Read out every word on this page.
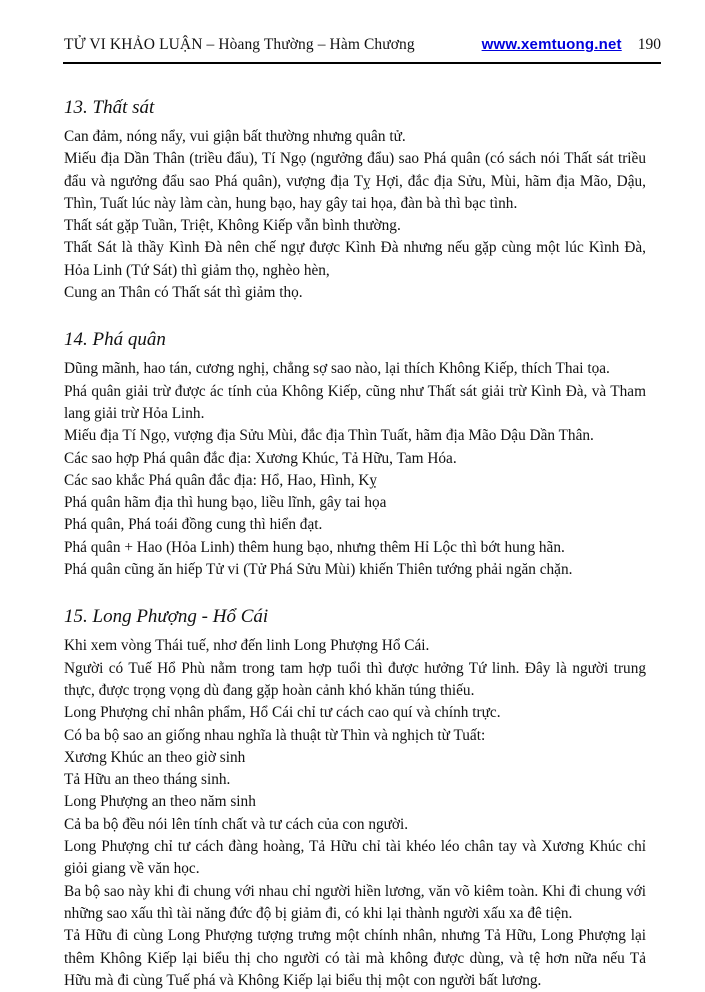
TỬ VI KHẢO LUẬN – Hòang Thường – Hàm Chương	www.xemtuong.net 190
13. Thất sát

Can đảm, nóng nẩy, vui giận bất thường nhưng quân tử.

Miếu địa Dần Thân (triều đẩu), Tí Ngọ (ngưởng đẩu) sao Phá quân (có sách nói Thất sát triều đẩu và ngưởng đẩu sao Phá quân), vượng địa Tỵ Hợi, đắc địa Sửu, Mùi, hãm địa Mão, Dậu, Thìn, Tuất lúc này làm càn, hung bạo, hay gây tai họa, đàn bà thì bạc tình.

Thất sát gặp Tuần, Triệt, Không Kiếp vẫn bình thường.

Thất Sát là thầy Kình Đà nên chế ngự được Kình Đà nhưng nếu gặp cùng một lúc Kình Đà, Hỏa Linh (Tứ Sát) thì giảm thọ, nghèo hèn,

Cung an Thân có Thất sát thì giảm thọ.

14. Phá quân

Dũng mãnh, hao tán, cương nghị, chẳng sợ sao nào, lại thích Không Kiếp, thích Thai tọa.

Phá quân giải trừ được ác tính của Không Kiếp, cũng như Thất sát giải trừ Kình Đà, và Tham lang giải trừ Hỏa Linh.

Miếu địa Tí Ngọ, vượng địa Sửu Mùi, đắc địa Thìn Tuất, hãm địa Mão Dậu Dần Thân.

Các sao hợp Phá quân đắc địa: Xương Khúc, Tả Hữu, Tam Hóa.

Các sao khắc Phá quân đắc địa: Hổ, Hao, Hình, Kỵ

Phá quân hãm địa thì hung bạo, liều lĩnh, gây tai họa

Phá quân, Phá toái đồng cung thì hiển đạt.

Phá quân + Hao (Hỏa Linh) thêm hung bạo, nhưng thêm Hỉ Lộc thì bớt hung hãn.

Phá quân cũng ăn hiếp Tử vi (Tử Phá Sửu Mùi) khiến Thiên tướng phải ngăn chặn.

15. Long Phượng - Hổ Cái

Khi xem vòng Thái tuế, nhơ đến linh Long Phượng Hổ Cái.

Người có Tuế Hổ Phù nằm trong tam hợp tuổi thì được hưởng Tứ linh. Đây là người trung thực, được trọng vọng dù đang gặp hoàn cảnh khó khăn túng thiếu.

Long Phượng chỉ nhân phẩm, Hổ Cái chỉ tư cách cao quí và chính trực.

Có ba bộ sao an giống nhau nghĩa là thuật từ Thìn và nghịch từ Tuất:

Xương Khúc an theo giờ sinh

Tả Hữu an theo tháng sinh.

Long Phượng an theo năm sinh

Cả ba bộ đều nói lên tính chất và tư cách của con người.

Long Phượng chỉ tư cách đàng hoàng, Tả Hữu chỉ tài khéo léo chân tay và Xương Khúc chỉ giỏi giang về văn học.

Ba bộ sao này khi đi chung với nhau chỉ người hiền lương, văn võ kiêm toàn. Khi đi chung với những sao xấu thì tài năng đức độ bị giảm đi, có khi lại thành người xấu xa đê tiện.

Tả Hữu đi cùng Long Phượng tượng trưng một chính nhân, nhưng Tả Hữu, Long Phượng lại thêm Không Kiếp lại biểu thị cho người có tài mà không được dùng, và tệ hơn nữa nếu Tả Hữu mà đi cùng Tuế phá và Không Kiếp lại biểu thị một con người bất lương.
